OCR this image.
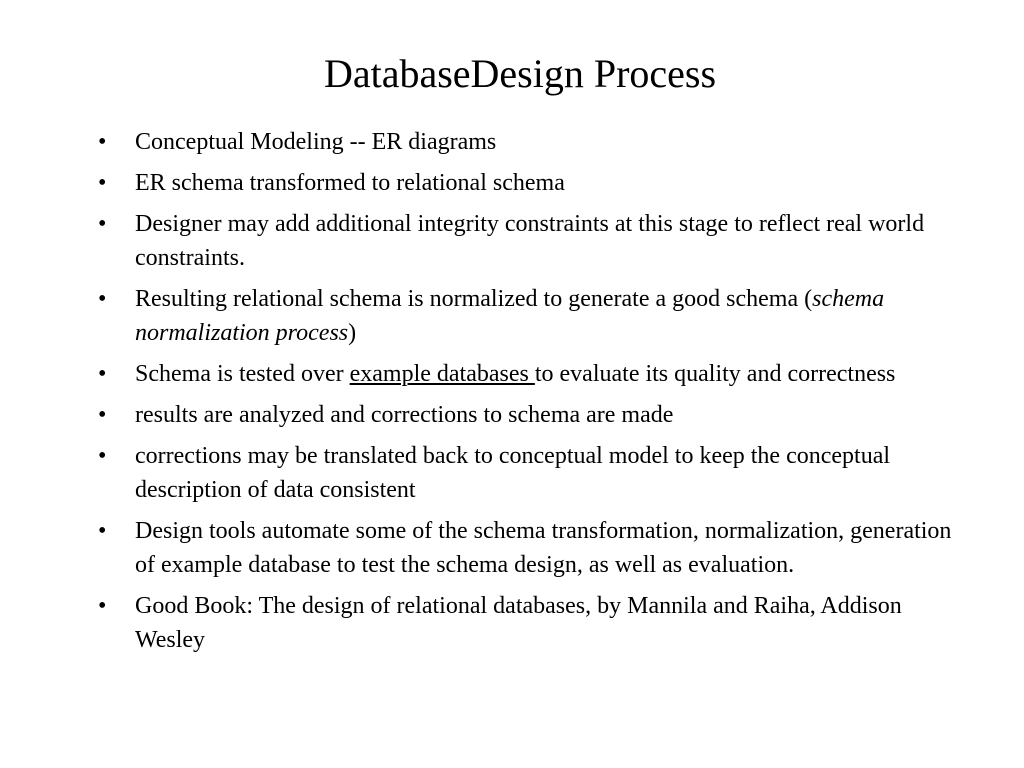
DatabaseDesign Process
• Conceptual Modeling -- ER diagrams
• ER schema transformed to relational schema
• Designer may add additional integrity constraints at this stage to reflect real world constraints.
• Resulting relational schema is normalized to generate a good schema (schema normalization process)
• Schema is tested over example databases to evaluate its quality and correctness
• results are analyzed and corrections to schema are made
• corrections may be translated back to conceptual model to keep the conceptual description of data consistent
• Design tools automate some of the schema transformation, normalization, generation of example database to test the schema design, as well as evaluation.
• Good Book: The design of relational databases, by Mannila and Raiha, Addison Wesley
